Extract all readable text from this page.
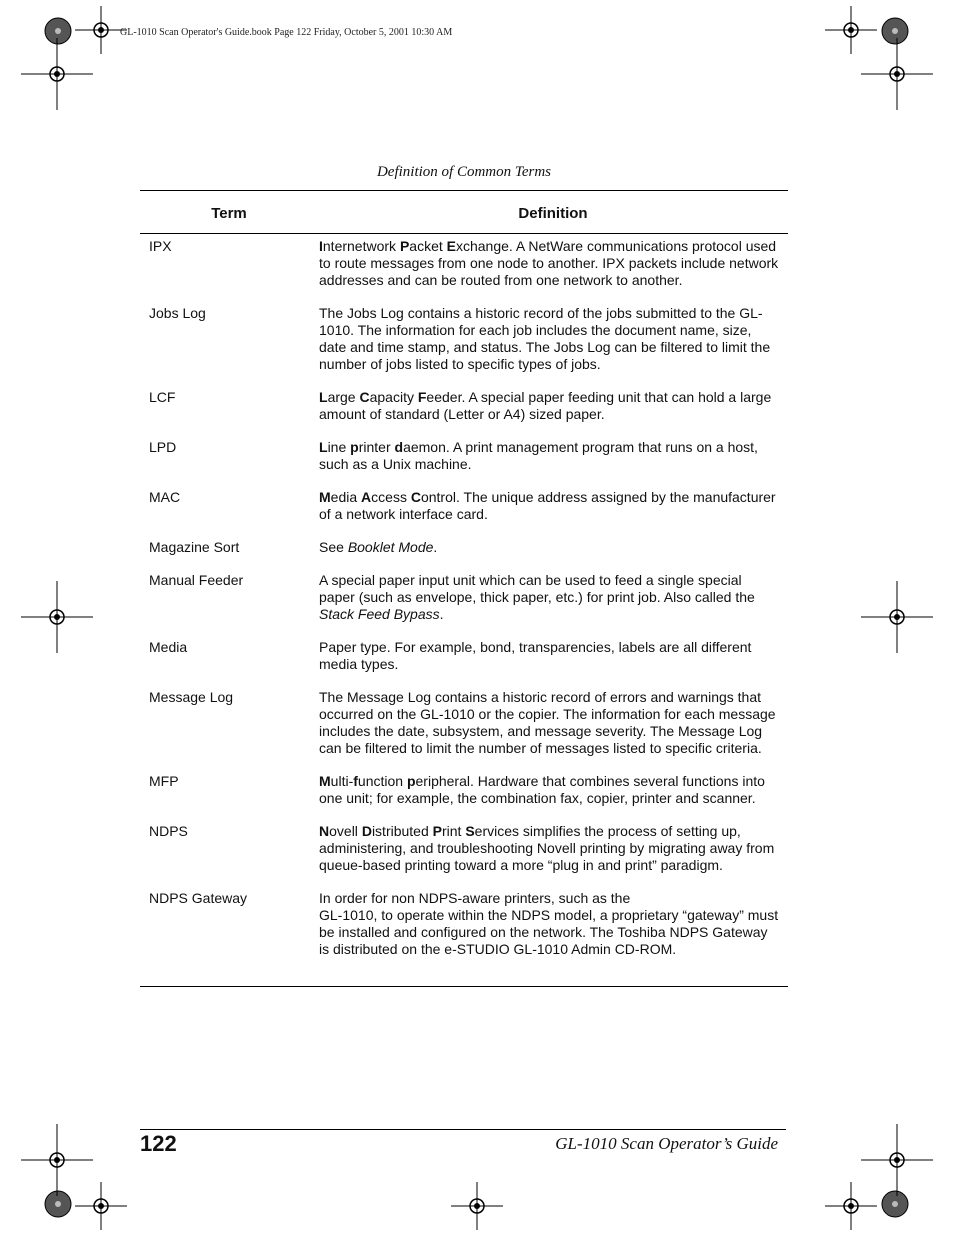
GL-1010 Scan Operator's Guide.book Page 122 Friday, October 5, 2001 10:30 AM
Definition of Common Terms
Term	Definition
IPX	Internetwork Packet Exchange. A NetWare communications protocol used to route messages from one node to another. IPX packets include network addresses and can be routed from one network to another.
Jobs Log	The Jobs Log contains a historic record of the jobs submitted to the GL-1010. The information for each job includes the document name, size, date and time stamp, and status. The Jobs Log can be filtered to limit the number of jobs listed to specific types of jobs.
LCF	Large Capacity Feeder. A special paper feeding unit that can hold a large amount of standard (Letter or A4) sized paper.
LPD	Line printer daemon. A print management program that runs on a host, such as a Unix machine.
MAC	Media Access Control. The unique address assigned by the manufacturer of a network interface card.
Magazine Sort	See Booklet Mode.
Manual Feeder	A special paper input unit which can be used to feed a single special paper (such as envelope, thick paper, etc.) for print job. Also called the Stack Feed Bypass.
Media	Paper type. For example, bond, transparencies, labels are all different media types.
Message Log	The Message Log contains a historic record of errors and warnings that occurred on the GL-1010 or the copier. The information for each message includes the date, subsystem, and message severity. The Message Log can be filtered to limit the number of messages listed to specific criteria.
MFP	Multi-function peripheral. Hardware that combines several functions into one unit; for example, the combination fax, copier, printer and scanner.
NDPS	Novell Distributed Print Services simplifies the process of setting up, administering, and troubleshooting Novell printing by migrating away from queue-based printing toward a more “plug in and print” paradigm.
NDPS Gateway	In order for non NDPS-aware printers, such as the
GL-1010, to operate within the NDPS model, a proprietary “gateway” must be installed and configured on the network. The Toshiba NDPS Gateway is distributed on the e-STUDIO GL-1010 Admin CD-ROM.
122	GL-1010 Scan Operator’s Guide
